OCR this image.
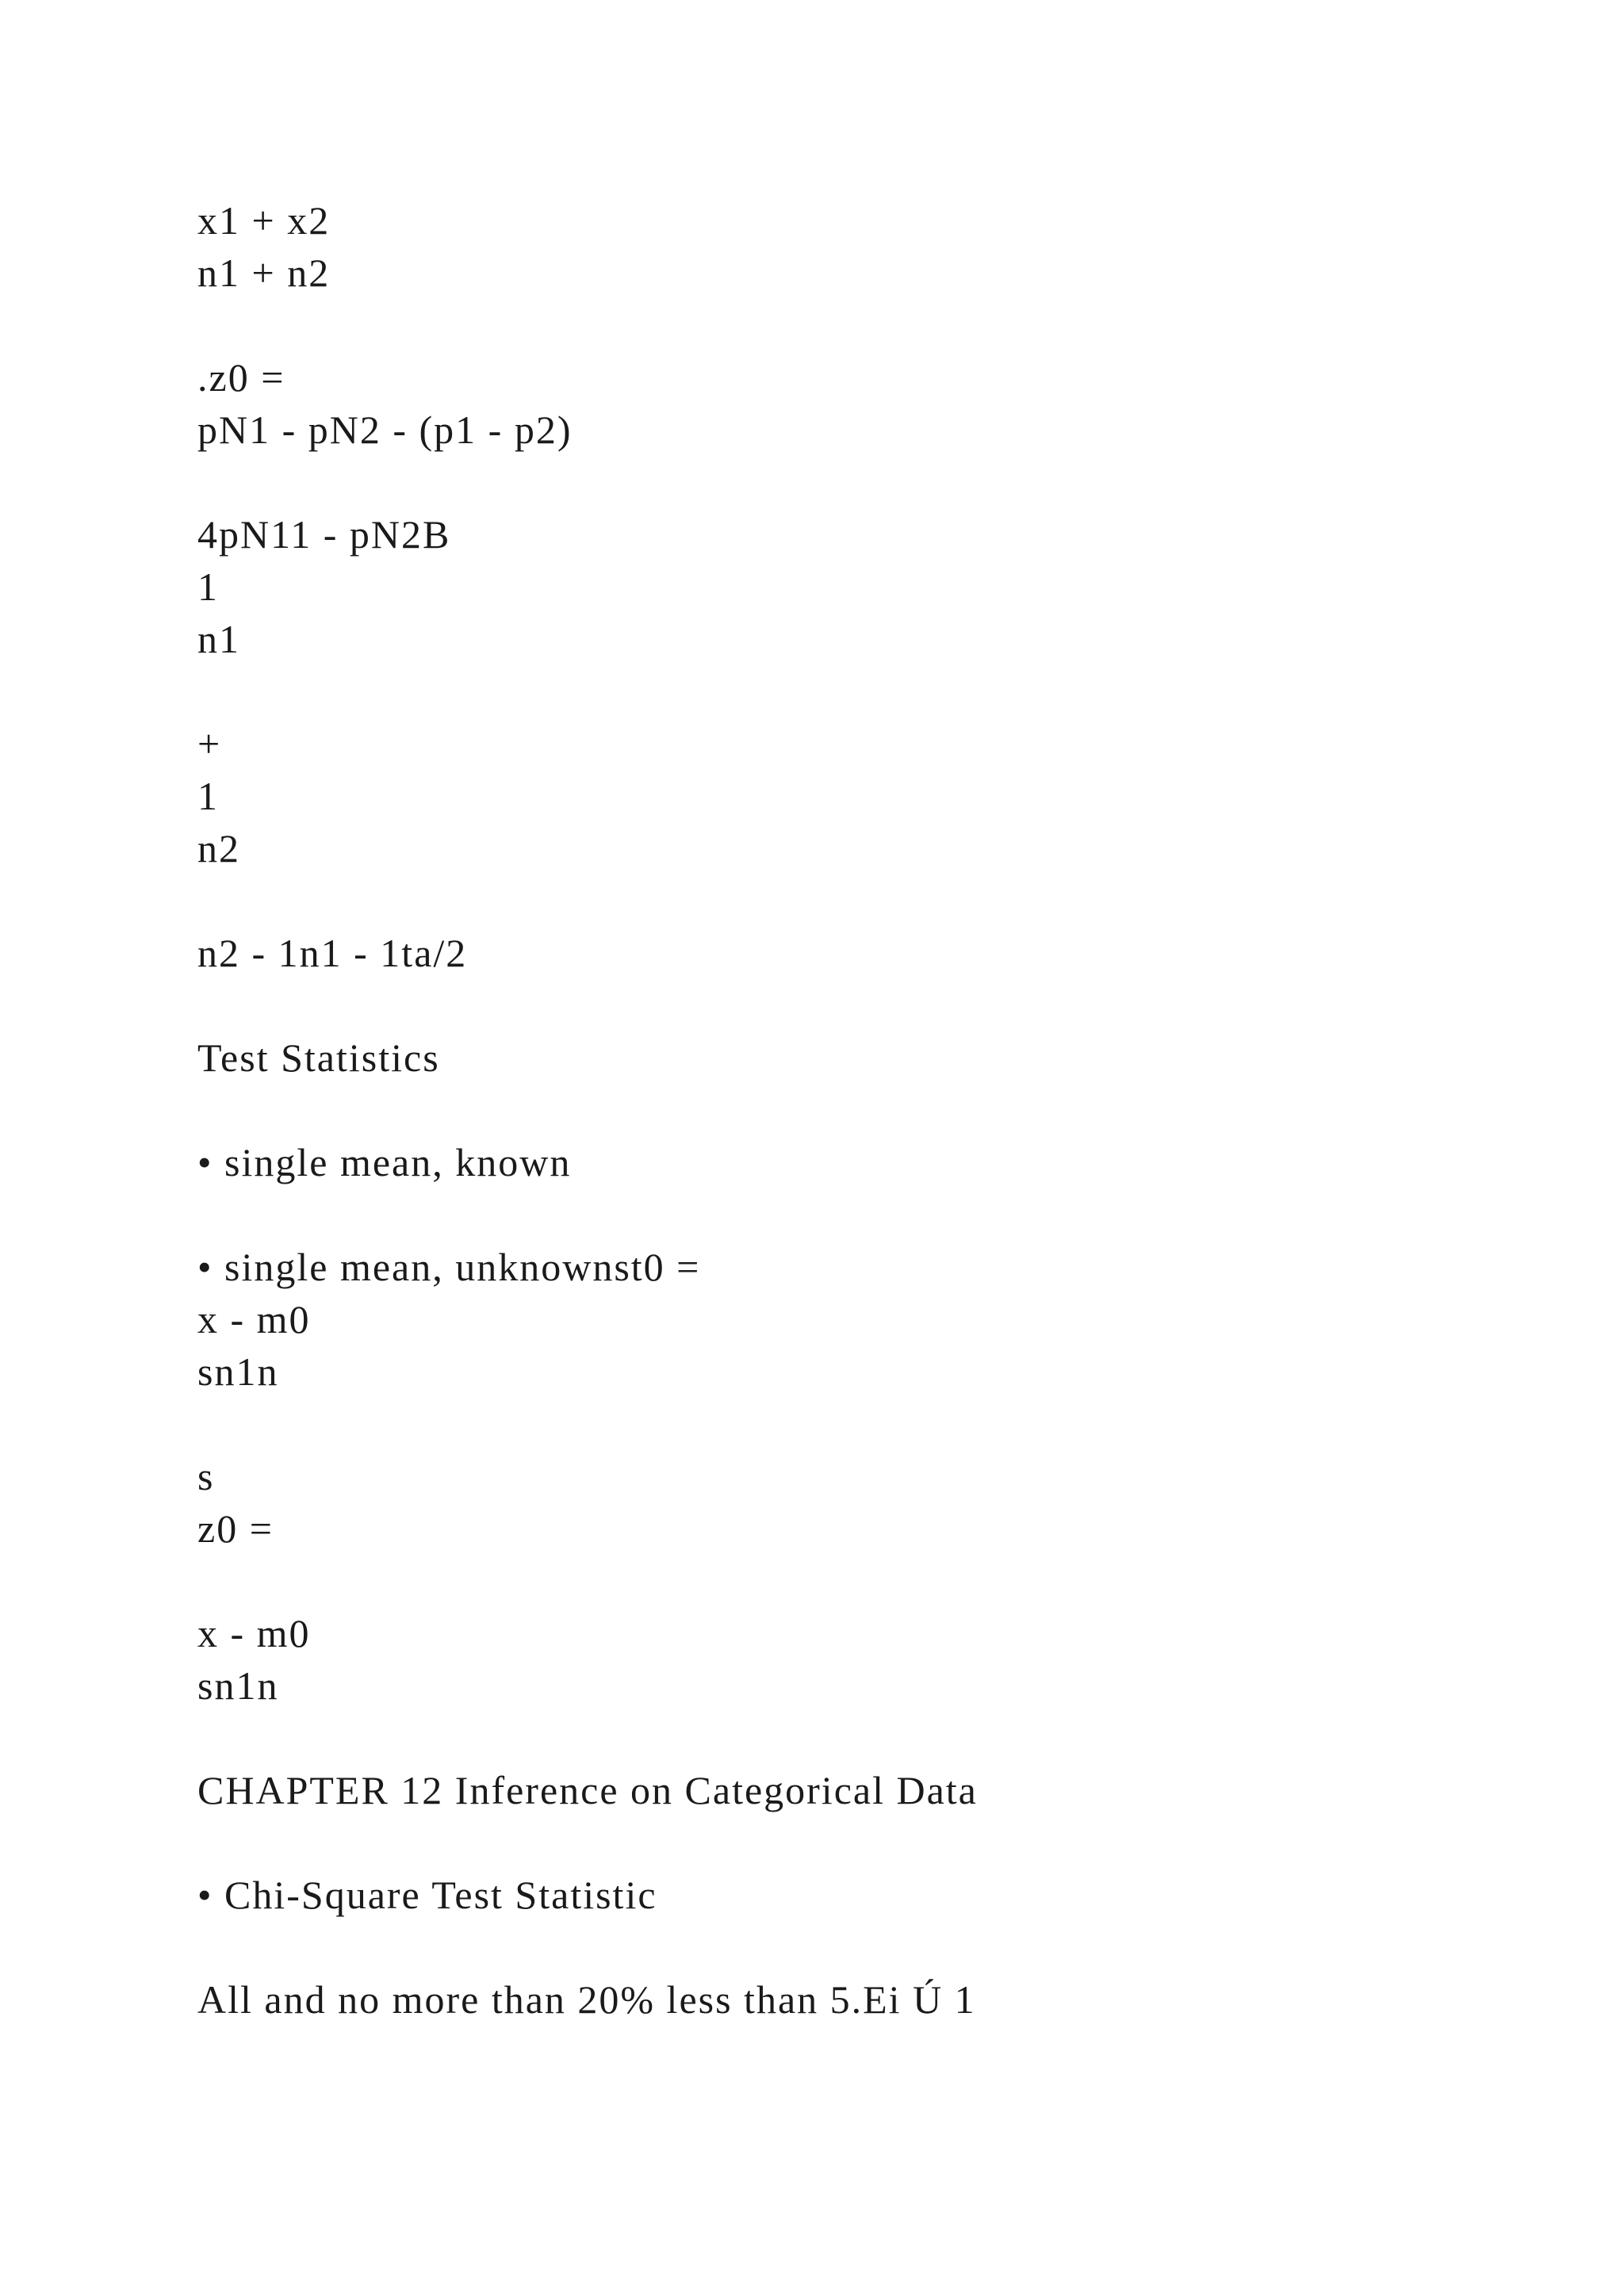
x1 + x2
n1 + n2
.z0 =
pN1 - pN2 - (p1 - p2)
4pN11 - pN2B
1
n1
+
1
n2
n2 - 1n1 - 1ta/2
Test Statistics
• single mean, known
• single mean, unknownst0 =
x - m0
sn1n
s
z0 =
x - m0
sn1n
CHAPTER 12 Inference on Categorical Data
• Chi-Square Test Statistic
All and no more than 20% less than 5.Ei Ú 1
